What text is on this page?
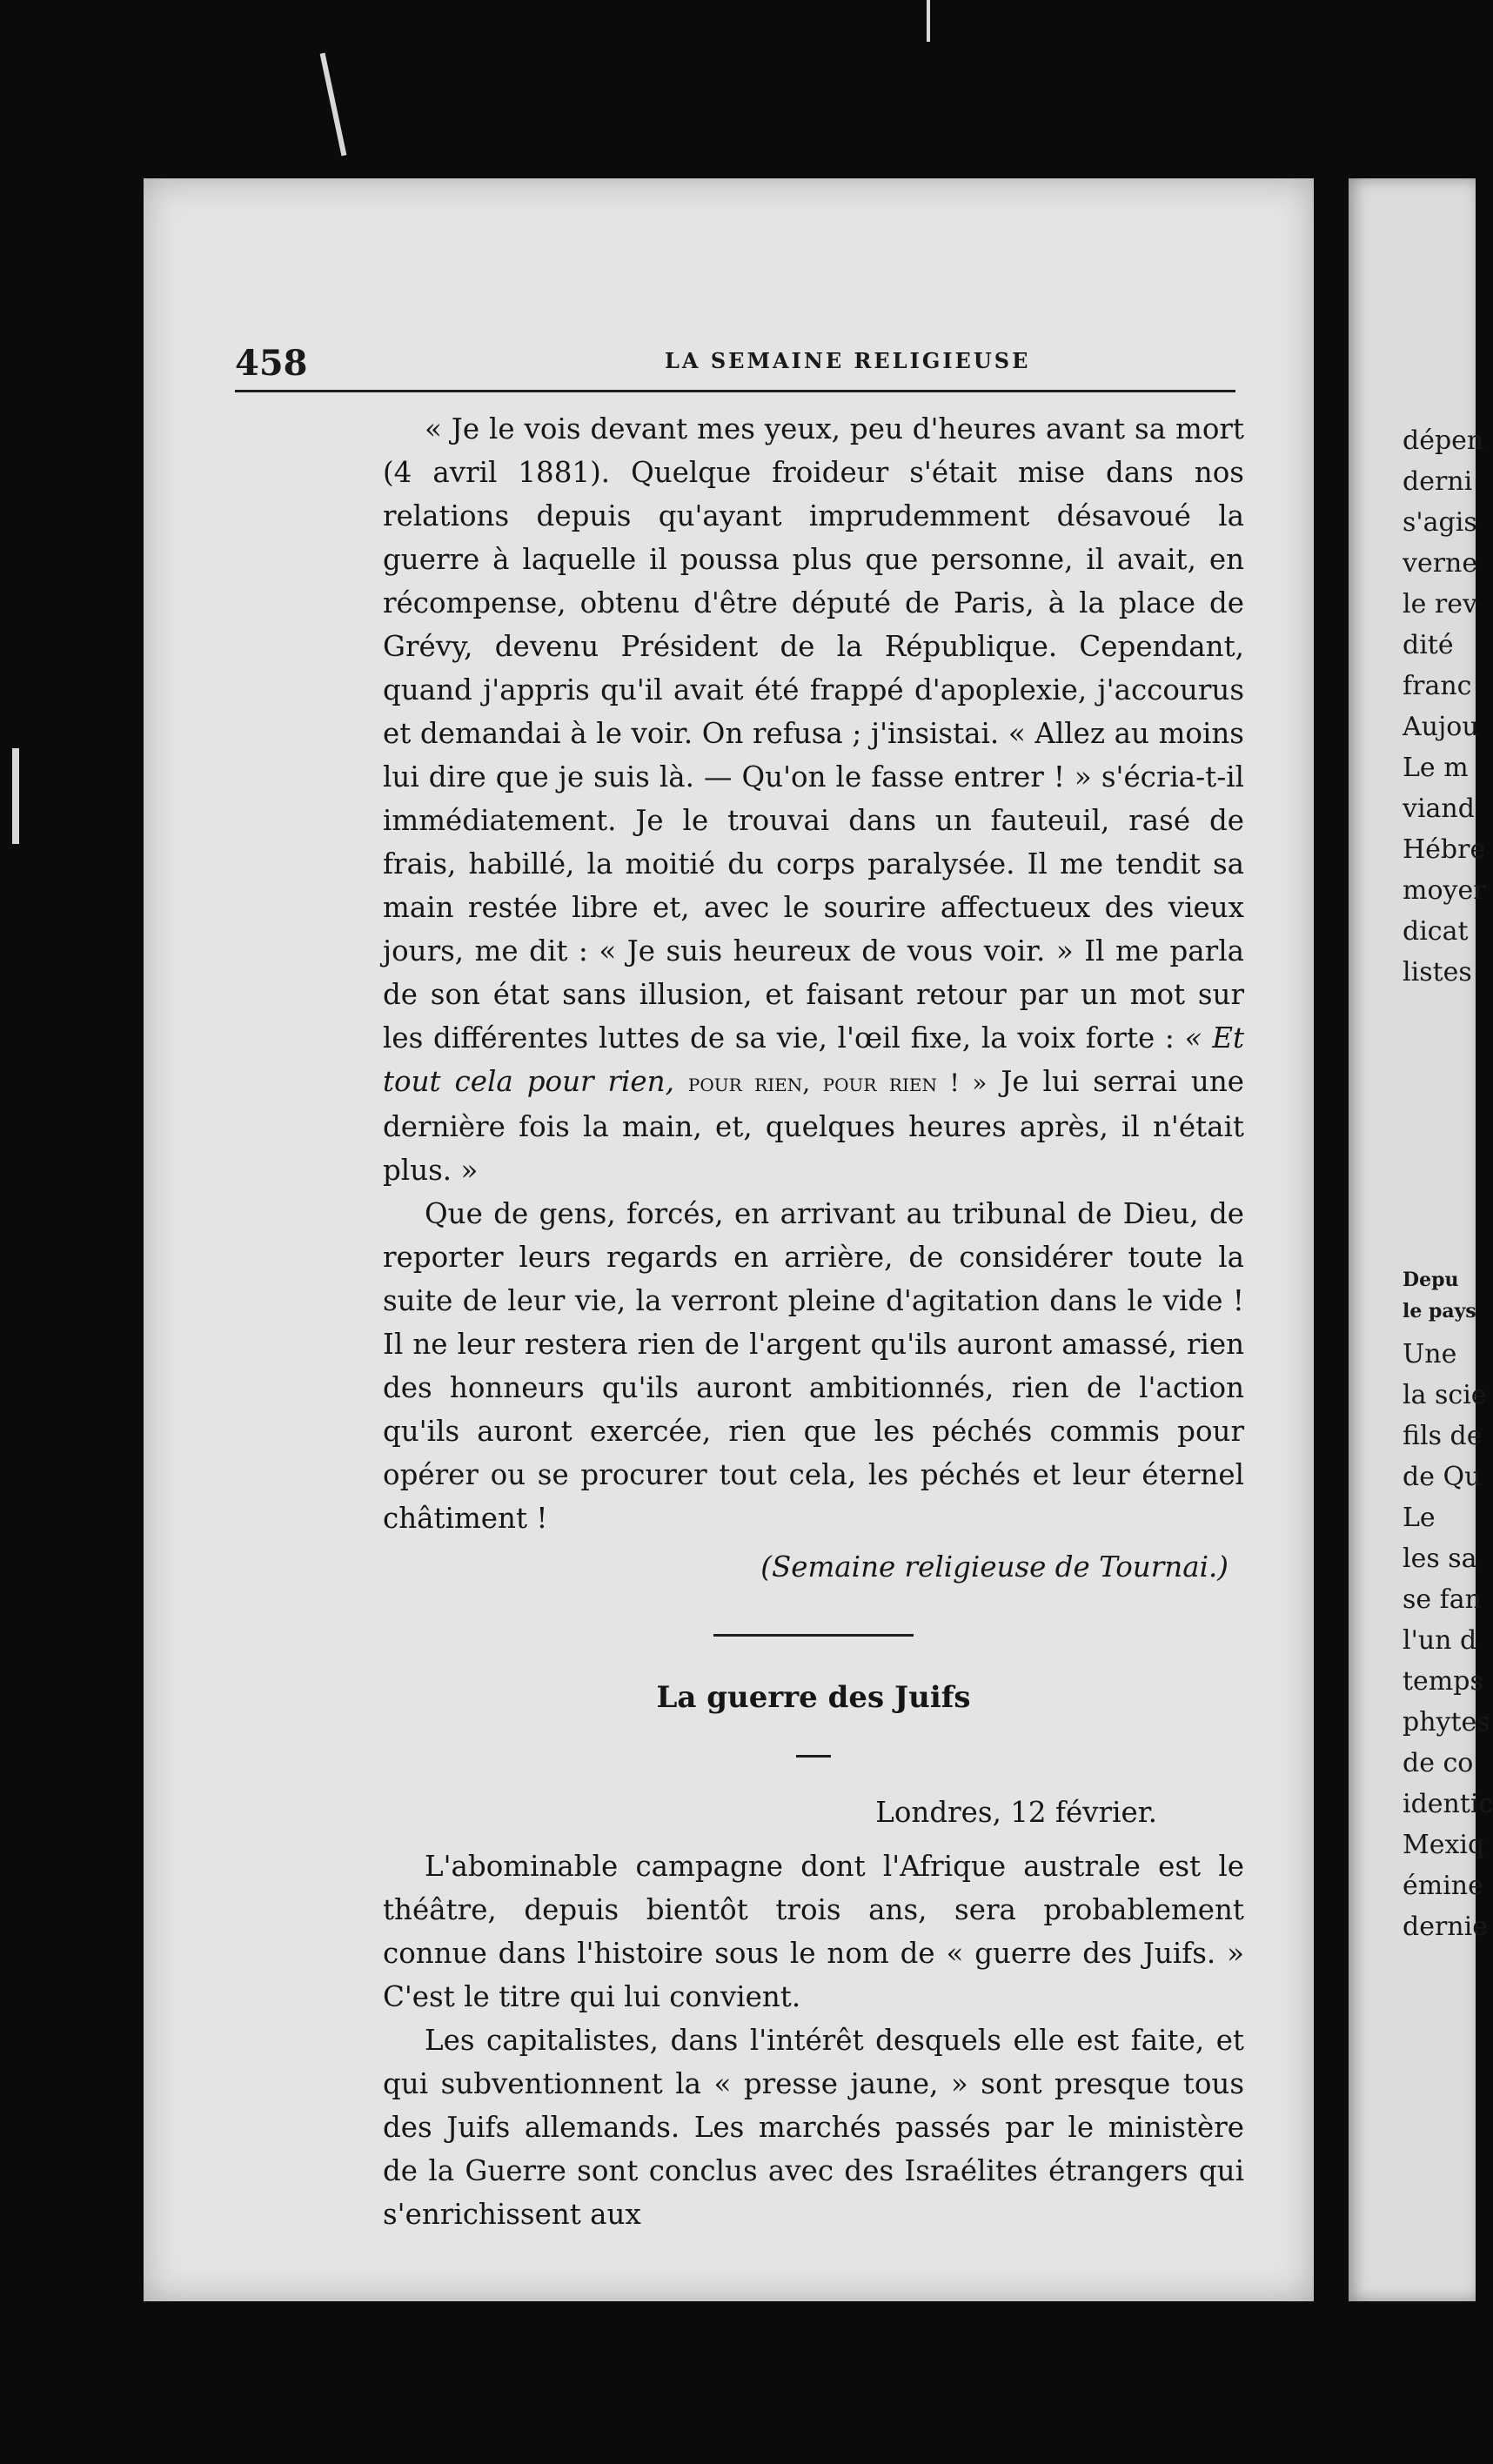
458	LA SEMAINE RELIGIEUSE

« Je le vois devant mes yeux, peu d'heures avant sa mort (4 avril 1881). Quelque froideur s'était mise dans nos relations depuis qu'ayant imprudemment désavoué la guerre à laquelle il poussa plus que personne, il avait, en récompense, obtenu d'être député de Paris, à la place de Grévy, devenu Président de la République. Cependant, quand j'appris qu'il avait été frappé d'apoplexie, j'accourus et demandai à le voir. On refusa ; j'insistai. « Allez au moins lui dire que je suis là. — Qu'on le fasse entrer ! » s'écria-t-il immédiatement. Je le trouvai dans un fauteuil, rasé de frais, habillé, la moitié du corps paralysée. Il me tendit sa main restée libre et, avec le sourire affectueux des vieux jours, me dit : « Je suis heureux de vous voir. » Il me parla de son état sans illusion, et faisant retour par un mot sur les différentes luttes de sa vie, l'œil fixe, la voix forte : « Et tout cela pour rien, pour rien, pour rien ! » Je lui serrai une dernière fois la main, et, quelques heures après, il n'était plus. »

Que de gens, forcés, en arrivant au tribunal de Dieu, de reporter leurs regards en arrière, de considérer toute la suite de leur vie, la verront pleine d'agitation dans le vide ! Il ne leur restera rien de l'argent qu'ils auront amassé, rien des honneurs qu'ils auront ambitionnés, rien de l'action qu'ils auront exercée, rien que les péchés commis pour opérer ou se procurer tout cela, les péchés et leur éternel châtiment !

(Semaine religieuse de Tournai.)

La guerre des Juifs

Londres, 12 février.

L'abominable campagne dont l'Afrique australe est le théâtre, depuis bientôt trois ans, sera probablement connue dans l'histoire sous le nom de « guerre des Juifs. » C'est le titre qui lui convient.

Les capitalistes, dans l'intérêt desquels elle est faite, et qui subventionnent la « presse jaune, » sont presque tous des Juifs allemands. Les marchés passés par le ministère de la Guerre sont conclus avec des Israélites étrangers qui s'enrichissent aux

dépen
derni
s'agis
verne
le rev
dité
franc
Aujou
Le m
viand
Hébre
moyer
dicat
listes
Depu
le pays
Une
la scie
fils de
de Qu
Le
les sa
se fan
l'un d
temps
phytes
de co
identic
Mexiq
émine
dernie
